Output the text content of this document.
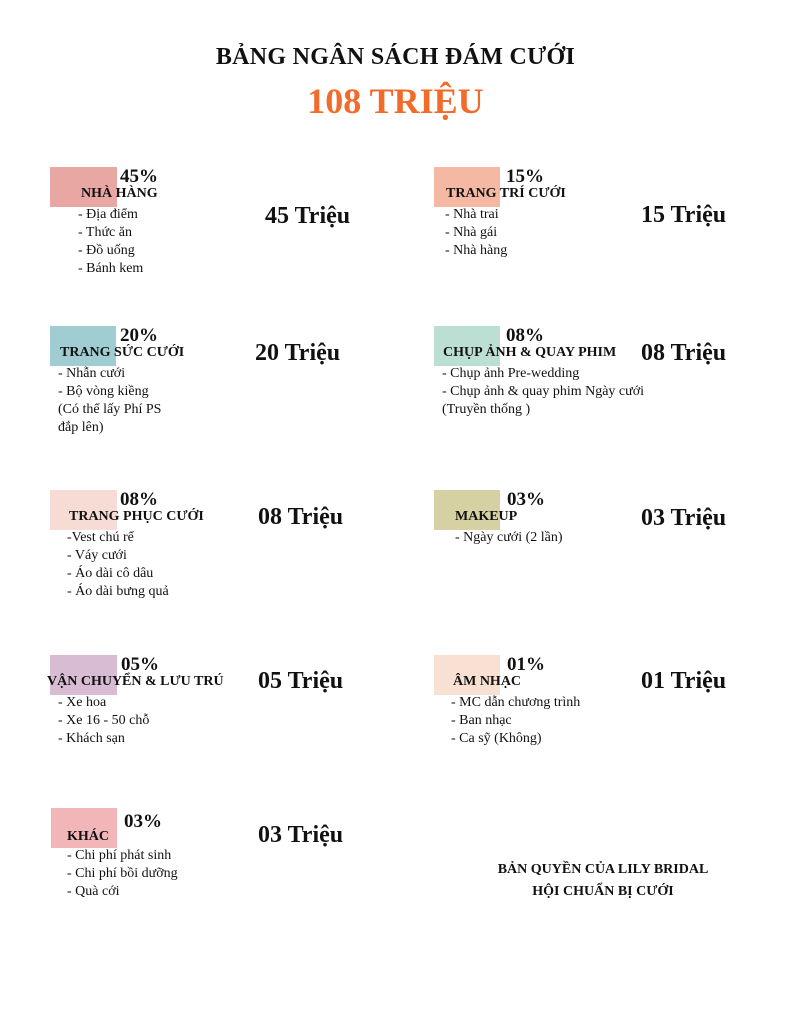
BẢNG NGÂN SÁCH ĐÁM CƯỚI
108 TRIỆU
45%
NHÀ HÀNG
- Địa điểm
- Thức ăn
- Đồ uống
- Bánh kem
45 Triệu
20%
TRANG SỨC CƯỚI
- Nhẫn cưới
- Bộ vòng kiềng
(Có thể lấy Phí PS
đắp lên)
20 Triệu
08%
TRANG PHỤC CƯỚI
-Vest chú rể
- Váy cưới
- Áo dài cô dâu
- Áo dài bưng quả
08 Triệu
05%
VẬN CHUYỂN & LƯU TRÚ
- Xe hoa
- Xe 16 - 50 chỗ
- Khách sạn
05 Triệu
03%
KHÁC
- Chi phí phát sinh
- Chi phí bồi dưỡng
- Quà cới
03 Triệu
15%
TRANG TRÍ CƯỚI
- Nhà trai
- Nhà gái
- Nhà hàng
15 Triệu
08%
CHỤP ẢNH & QUAY PHIM
- Chụp ảnh Pre-wedding
- Chụp ảnh & quay phim Ngày cưới
(Truyền thống )
08 Triệu
03%
MAKEUP
- Ngày cưới (2 lần)
03 Triệu
01%
ÂM NHẠC
- MC dẫn chương trình
- Ban nhạc
- Ca sỹ (Không)
01 Triệu
BẢN QUYỀN CỦA LILY BRIDAL
HỘI CHUẨN BỊ CƯỚI
